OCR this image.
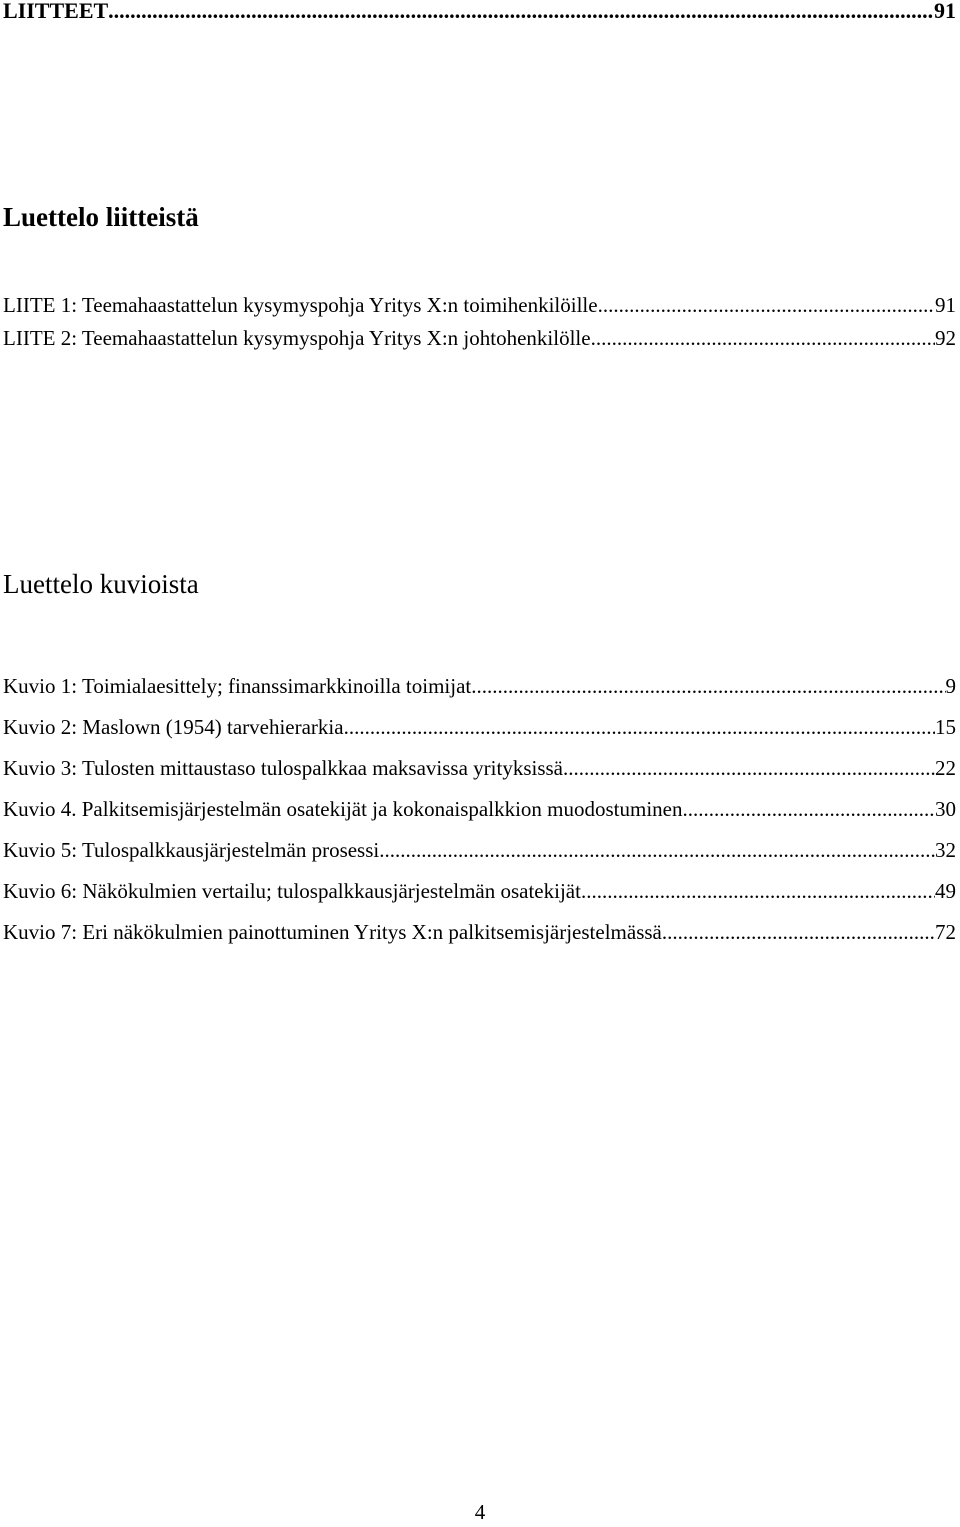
LIITTEET .....	91
Luettelo liitteistä
LIITE 1: Teemahaastattelun kysymyspohja Yritys X:n toimihenkilöille .....	91
LIITE 2: Teemahaastattelun kysymyspohja Yritys X:n johtohenkilölle .....	92
Luettelo kuvioista
Kuvio 1: Toimialaesittely; finanssimarkkinoilla toimijat .....	9
Kuvio 2: Maslown (1954) tarvehierarkia .....	15
Kuvio 3: Tulosten mittaustaso tulospalkkaa maksavissa yrityksissä .....	22
Kuvio 4. Palkitsemisjärjestelmän osatekijät ja kokonaispalkkion muodostuminen .....	30
Kuvio 5: Tulospalkkausjärjestelmän prosessi .....	32
Kuvio 6: Näkökulmien vertailu; tulospalkkausjärjestelmän osatekijät .....	49
Kuvio 7: Eri näkökulmien painottuminen Yritys X:n palkitsemisjärjestelmässä .....	72
4
